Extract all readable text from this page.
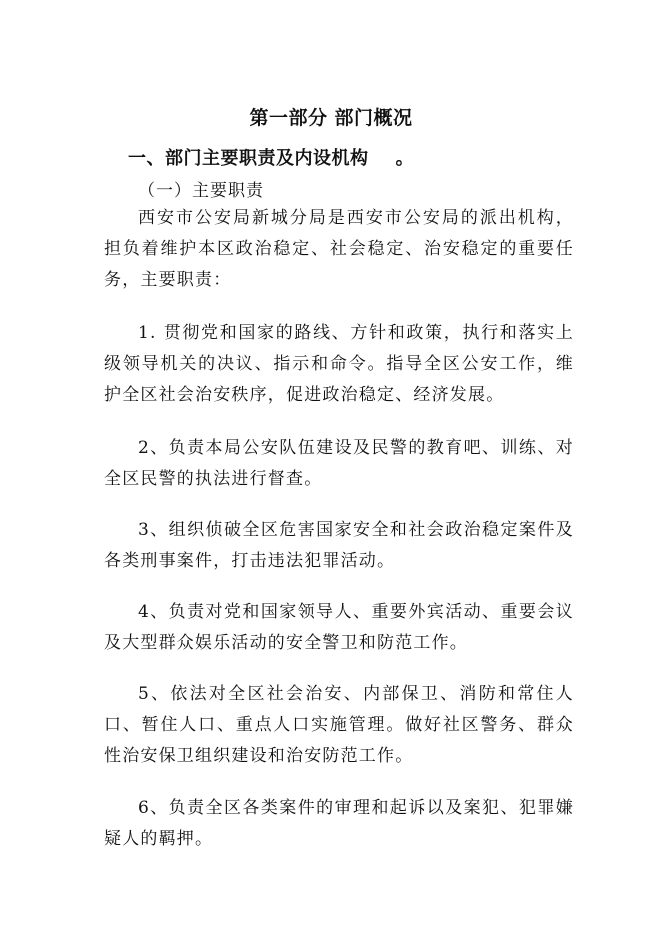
第一部分 部门概况
一、部门主要职责及内设机构    。
（一）主要职责

西安市公安局新城分局是西安市公安局的派出机构，担负着维护本区政治稳定、社会稳定、治安稳定的重要任务，主要职责：

1. 贯彻党和国家的路线、方针和政策，执行和落实上级领导机关的决议、指示和命令。指导全区公安工作，维护全区社会治安秩序，促进政治稳定、经济发展。

2、负责本局公安队伍建设及民警的教育吧、训练、对全区民警的执法进行督查。

3、组织侦破全区危害国家安全和社会政治稳定案件及各类刑事案件，打击违法犯罪活动。

4、负责对党和国家领导人、重要外宾活动、重要会议及大型群众娱乐活动的安全警卫和防范工作。

5、依法对全区社会治安、内部保卫、消防和常住人口、暂住人口、重点人口实施管理。做好社区警务、群众性治安保卫组织建设和治安防范工作。

6、负责全区各类案件的审理和起诉以及案犯、犯罪嫌疑人的羁押。
